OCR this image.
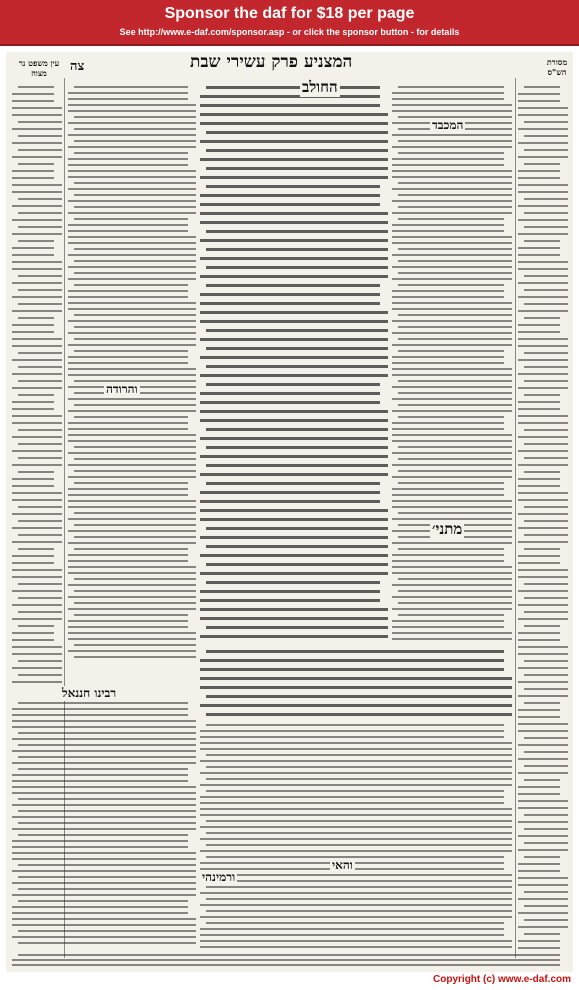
Sponsor the daf for $18 per page
See http://www.e-daf.com/sponsor.asp - or click the sponsor button - for details
צה	המצניע פרק עשירי שבת	מסורת הש"ס
עין משפט נר מצוה
החולב
המכבד
והרודה
מתני׳
רבינו חננאל
והאי
ורמינהי
Copyright (c) www.e-daf.com
